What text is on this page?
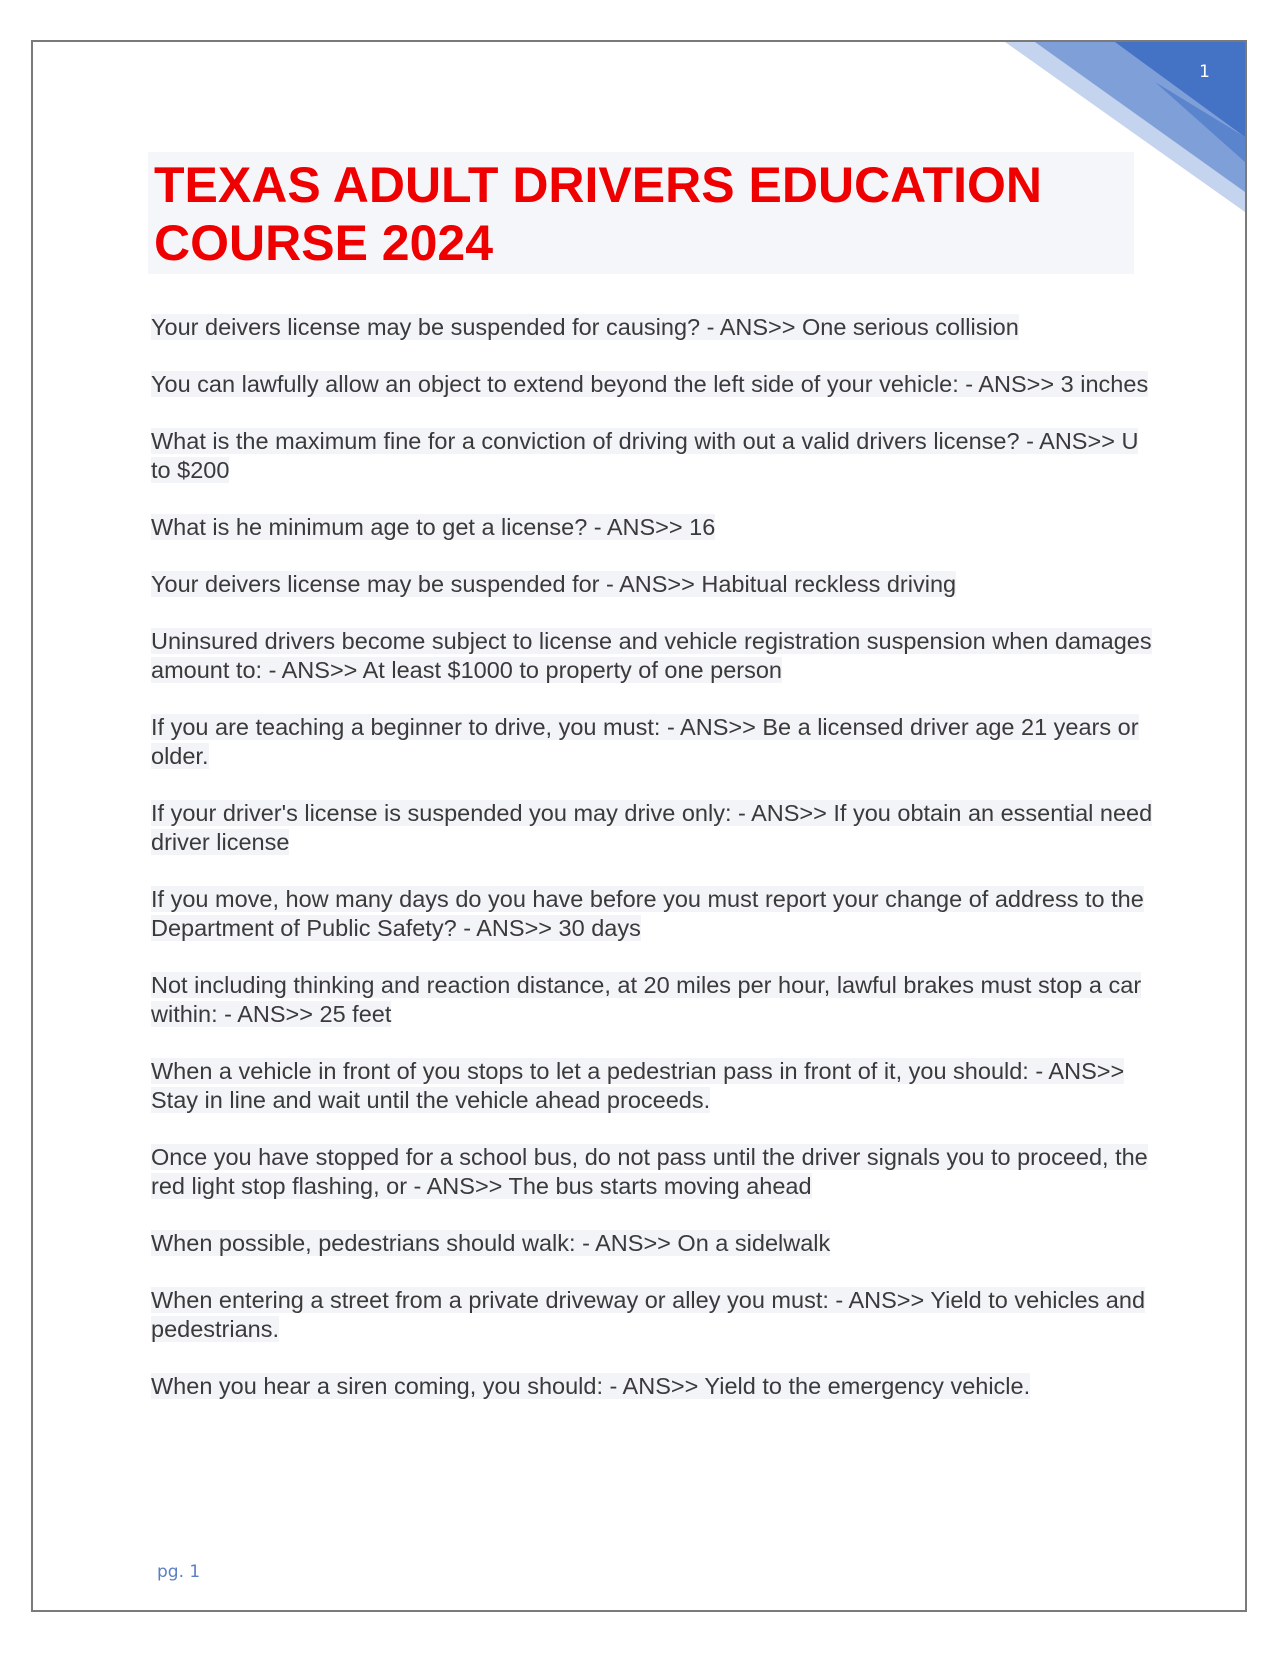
1
TEXAS ADULT DRIVERS EDUCATION
COURSE 2024

Your deivers license may be suspended for causing? - ANS>> One serious collision

You can lawfully allow an object to extend beyond the left side of your vehicle: - ANS>> 3 inches

What is the maximum fine for a conviction of driving with out a valid drivers license? - ANS>> U to $200

What is he minimum age to get a license? - ANS>> 16

Your deivers license may be suspended for - ANS>> Habitual reckless driving

Uninsured drivers become subject to license and vehicle registration suspension when damages amount to: - ANS>> At least $1000 to property of one person

If you are teaching a beginner to drive, you must: - ANS>> Be a licensed driver age 21 years or older.

If your driver's license is suspended you may drive only: - ANS>> If you obtain an essential need driver license

If you move, how many days do you have before you must report your change of address to the Department of Public Safety? - ANS>> 30 days

Not including thinking and reaction distance, at 20 miles per hour, lawful brakes must stop a car within: - ANS>> 25 feet

When a vehicle in front of you stops to let a pedestrian pass in front of it, you should: - ANS>> Stay in line and wait until the vehicle ahead proceeds.

Once you have stopped for a school bus, do not pass until the driver signals you to proceed, the red light stop flashing, or - ANS>> The bus starts moving ahead

When possible, pedestrians should walk: - ANS>> On a sidelwalk

When entering a street from a private driveway or alley you must: - ANS>> Yield to vehicles and pedestrians.

When you hear a siren coming, you should: - ANS>> Yield to the emergency vehicle.

pg. 1
